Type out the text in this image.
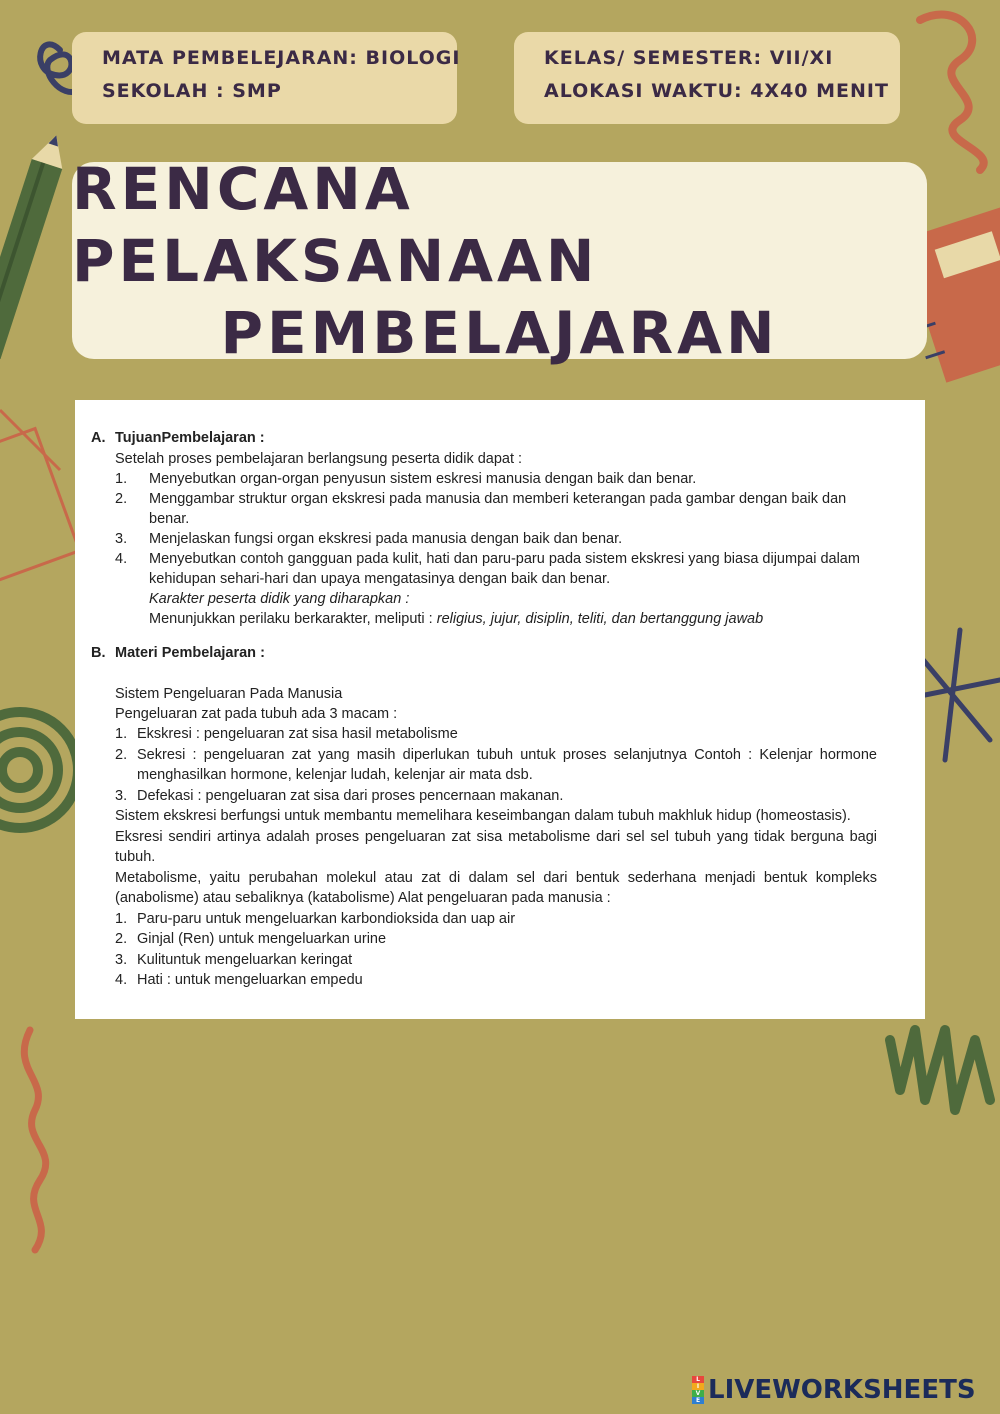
MATA PEMBELEJARAN: BIOLOGI
SEKOLAH : SMP
KELAS/ SEMESTER: VII/XI
ALOKASI WAKTU: 4X40 MENIT
RENCANA PELAKSANAAN
PEMBELAJARAN
A. TujuanPembelajaran :
Setelah proses pembelajaran berlangsung peserta didik dapat :
1.	Menyebutkan organ-organ penyusun sistem eskresi manusia dengan baik dan benar.
2.	Menggambar struktur organ ekskresi pada manusia dan memberi keterangan pada gambar dengan baik dan benar.
3.	Menjelaskan fungsi organ ekskresi pada manusia dengan baik dan benar.
4.	Menyebutkan contoh gangguan pada kulit, hati dan paru-paru pada sistem ekskresi yang biasa dijumpai dalam kehidupan sehari-hari dan upaya mengatasinya dengan baik dan benar.
Karakter peserta didik yang diharapkan :
Menunjukkan perilaku berkarakter, meliputi : religius, jujur, disiplin, teliti, dan bertanggung jawab
B. Materi Pembelajaran :
Sistem Pengeluaran Pada Manusia
Pengeluaran zat pada tubuh ada 3 macam :
1. Ekskresi : pengeluaran zat sisa hasil metabolisme
2. Sekresi : pengeluaran zat yang masih diperlukan tubuh untuk proses selanjutnya Contoh : Kelenjar hormone menghasilkan hormone, kelenjar ludah, kelenjar air mata dsb.
3. Defekasi : pengeluaran zat sisa dari proses pencernaan makanan.
Sistem ekskresi berfungsi untuk membantu memelihara keseimbangan dalam tubuh makhluk hidup (homeostasis).
Eksresi sendiri artinya adalah proses pengeluaran zat sisa metabolisme dari sel sel tubuh yang tidak berguna bagi tubuh.
Metabolisme, yaitu perubahan molekul atau zat di dalam sel dari bentuk sederhana menjadi bentuk kompleks (anabolisme) atau sebaliknya (katabolisme) Alat pengeluaran pada manusia :
1. Paru-paru untuk mengeluarkan karbondioksida dan uap air
2. Ginjal (Ren) untuk mengeluarkan urine
3. Kulituntuk mengeluarkan keringat
4. Hati : untuk mengeluarkan empedu
L
I
V
E LIVEWORKSHEETS
